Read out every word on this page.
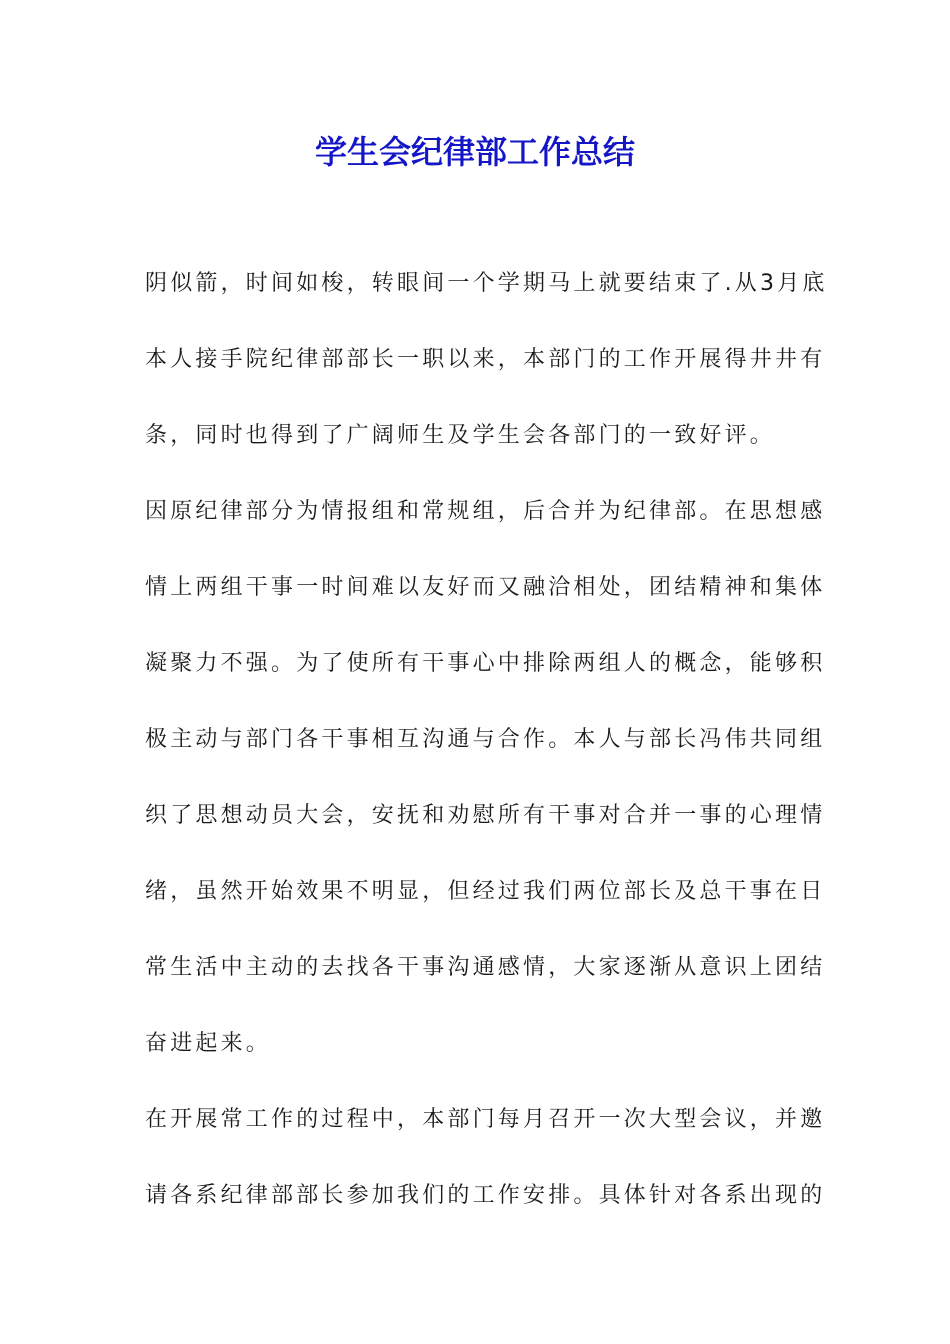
学生会纪律部工作总结
阴似箭，时间如梭，转眼间一个学期马上就要结束了.从3月底
本人接手院纪律部部长一职以来，本部门的工作开展得井井有
条，同时也得到了广阔师生及学生会各部门的一致好评。
因原纪律部分为情报组和常规组，后合并为纪律部。在思想感
情上两组干事一时间难以友好而又融洽相处，团结精神和集体
凝聚力不强。为了使所有干事心中排除两组人的概念，能够积
极主动与部门各干事相互沟通与合作。本人与部长冯伟共同组
织了思想动员大会，安抚和劝慰所有干事对合并一事的心理情
绪，虽然开始效果不明显，但经过我们两位部长及总干事在日
常生活中主动的去找各干事沟通感情，大家逐渐从意识上团结
奋进起来。
在开展常工作的过程中，本部门每月召开一次大型会议，并邀
请各系纪律部部长参加我们的工作安排。具体针对各系出现的
